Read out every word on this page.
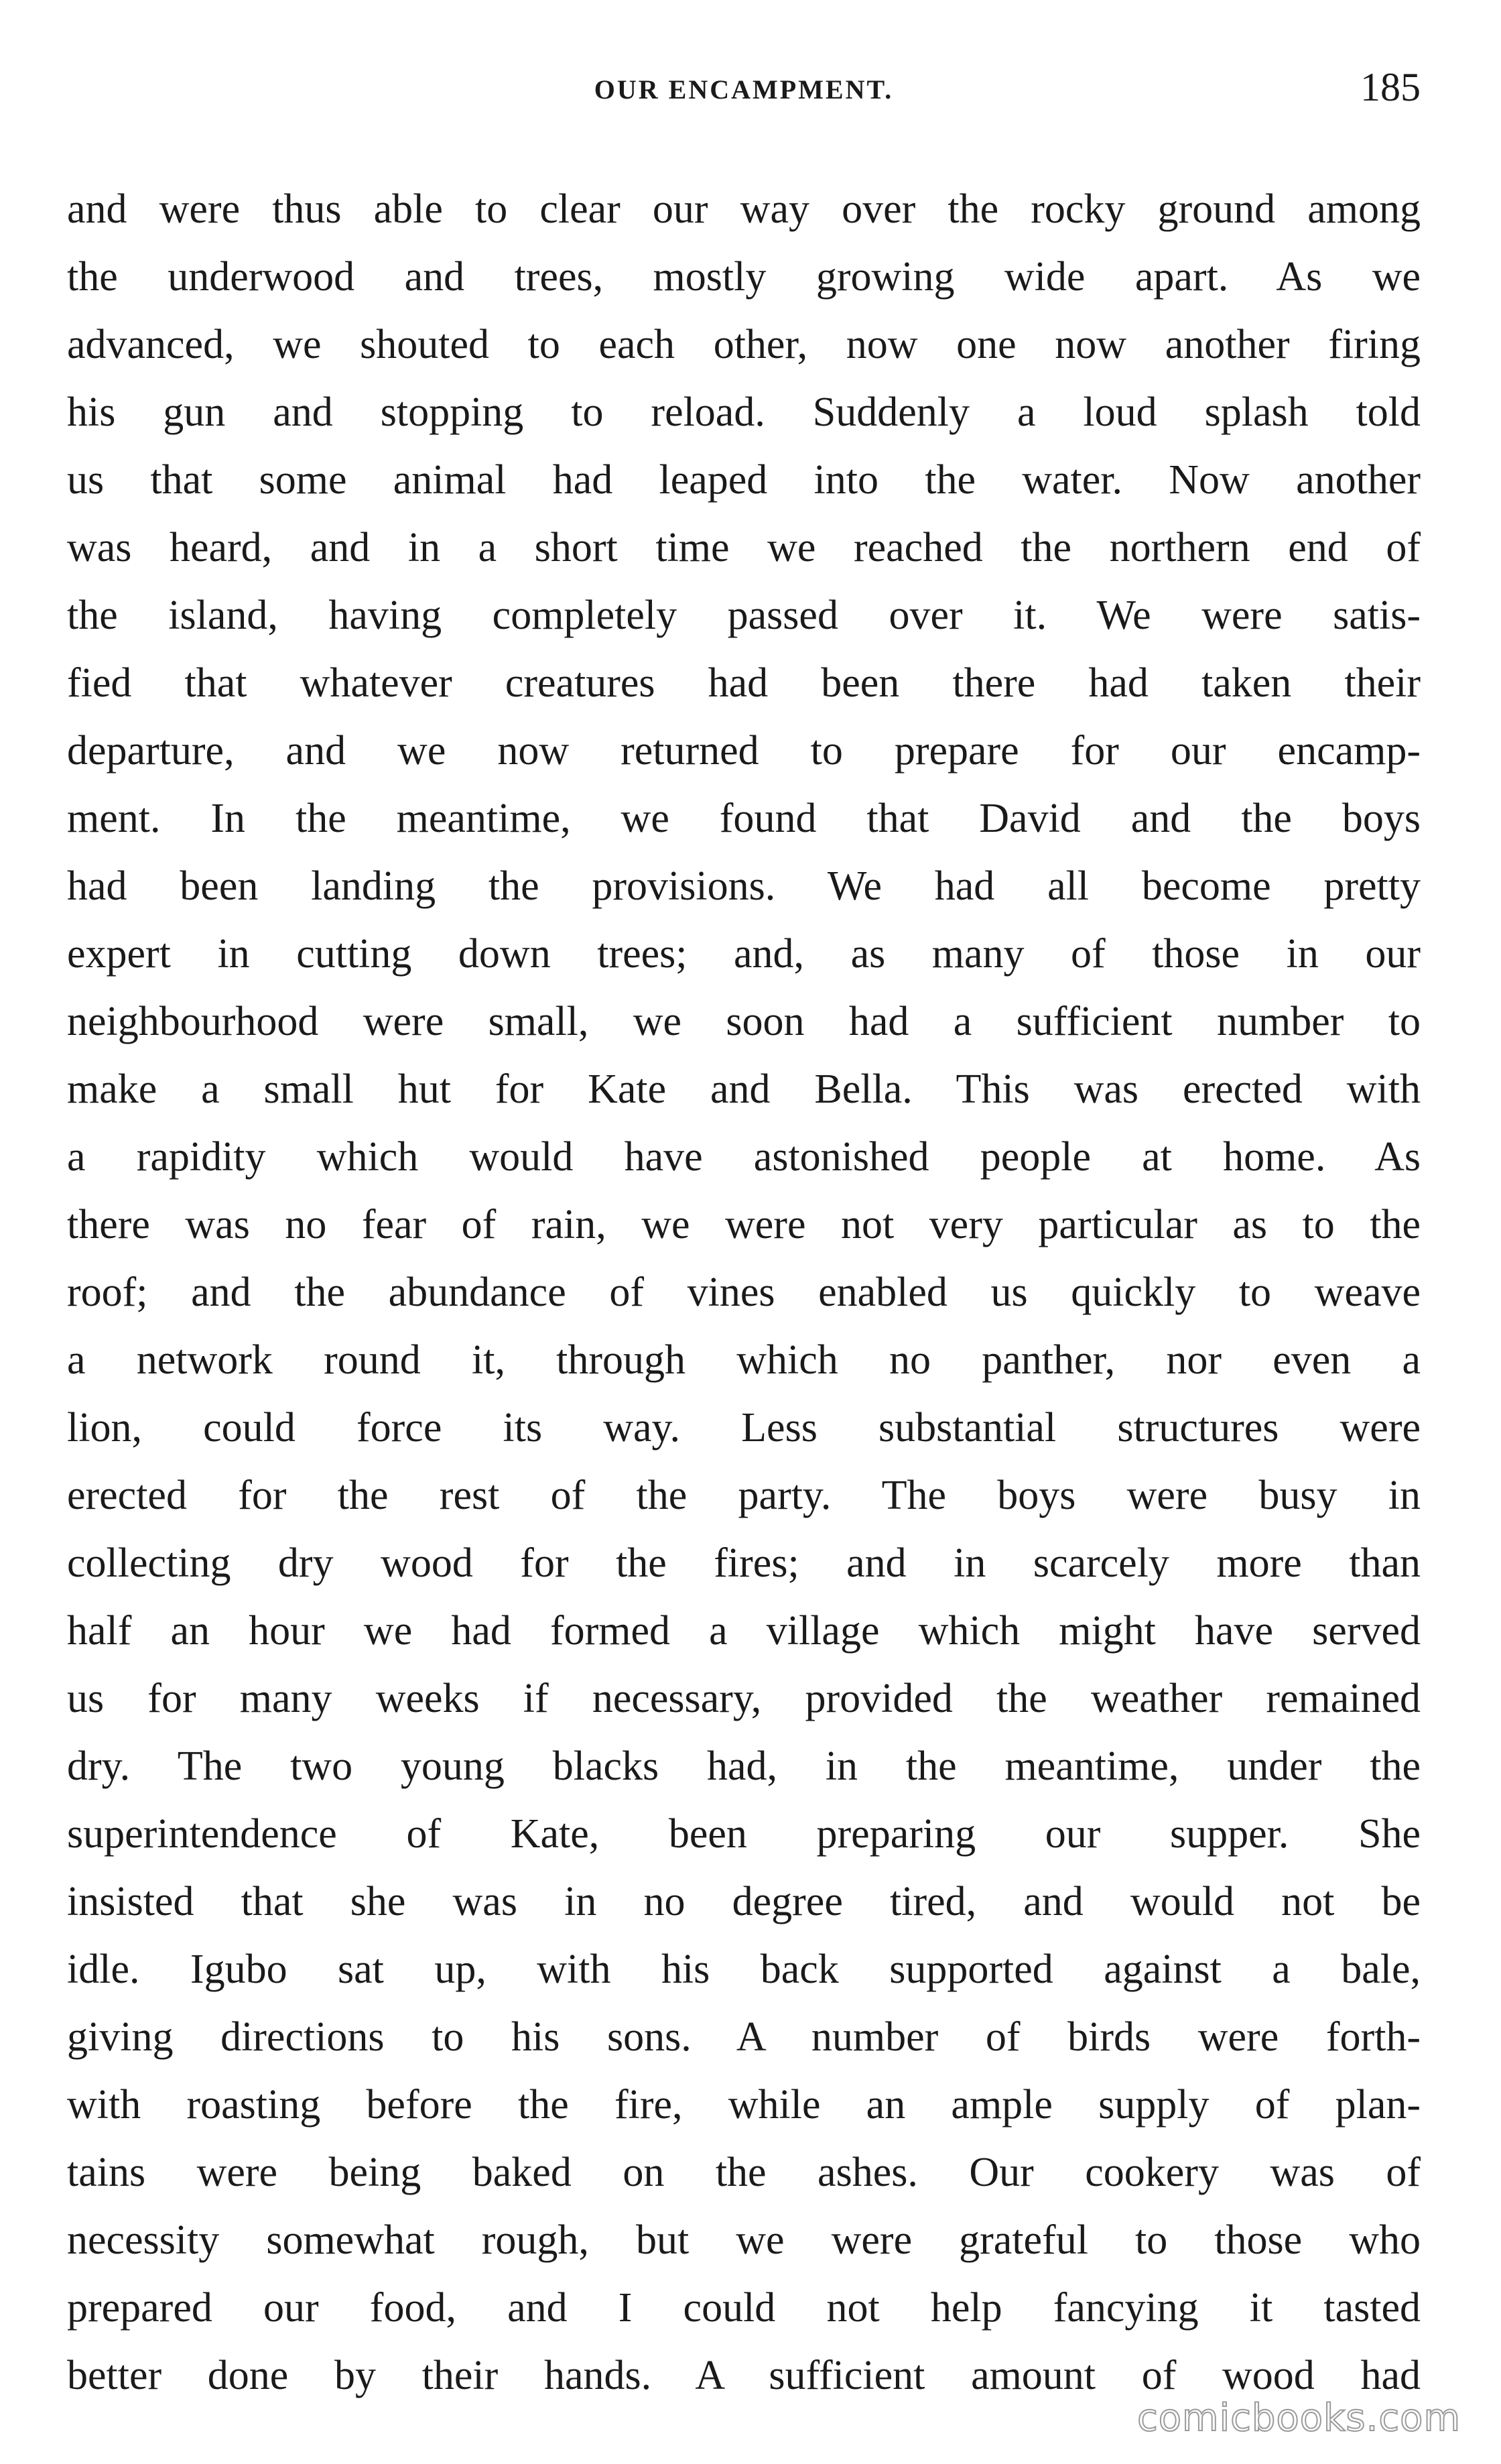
OUR ENCAMPMENT.	185
and were thus able to clear our way over the rocky ground among
the underwood and trees, mostly growing wide apart. As we
advanced, we shouted to each other, now one now another firing
his gun and stopping to reload. Suddenly a loud splash told
us that some animal had leaped into the water. Now another
was heard, and in a short time we reached the northern end of
the island, having completely passed over it. We were satis-
fied that whatever creatures had been there had taken their
departure, and we now returned to prepare for our encamp-
ment. In the meantime, we found that David and the boys
had been landing the provisions. We had all become pretty
expert in cutting down trees; and, as many of those in our
neighbourhood were small, we soon had a sufficient number to
make a small hut for Kate and Bella. This was erected with
a rapidity which would have astonished people at home. As
there was no fear of rain, we were not very particular as to the
roof; and the abundance of vines enabled us quickly to weave
a network round it, through which no panther, nor even a
lion, could force its way. Less substantial structures were
erected for the rest of the party. The boys were busy in
collecting dry wood for the fires; and in scarcely more than
half an hour we had formed a village which might have served
us for many weeks if necessary, provided the weather remained
dry. The two young blacks had, in the meantime, under the
superintendence of Kate, been preparing our supper. She
insisted that she was in no degree tired, and would not be
idle. Igubo sat up, with his back supported against a bale,
giving directions to his sons. A number of birds were forth-
with roasting before the fire, while an ample supply of plan-
tains were being baked on the ashes. Our cookery was of
necessity somewhat rough, but we were grateful to those who
prepared our food, and I could not help fancying it tasted
better done by their hands. A sufficient amount of wood had
comicbooks.com
